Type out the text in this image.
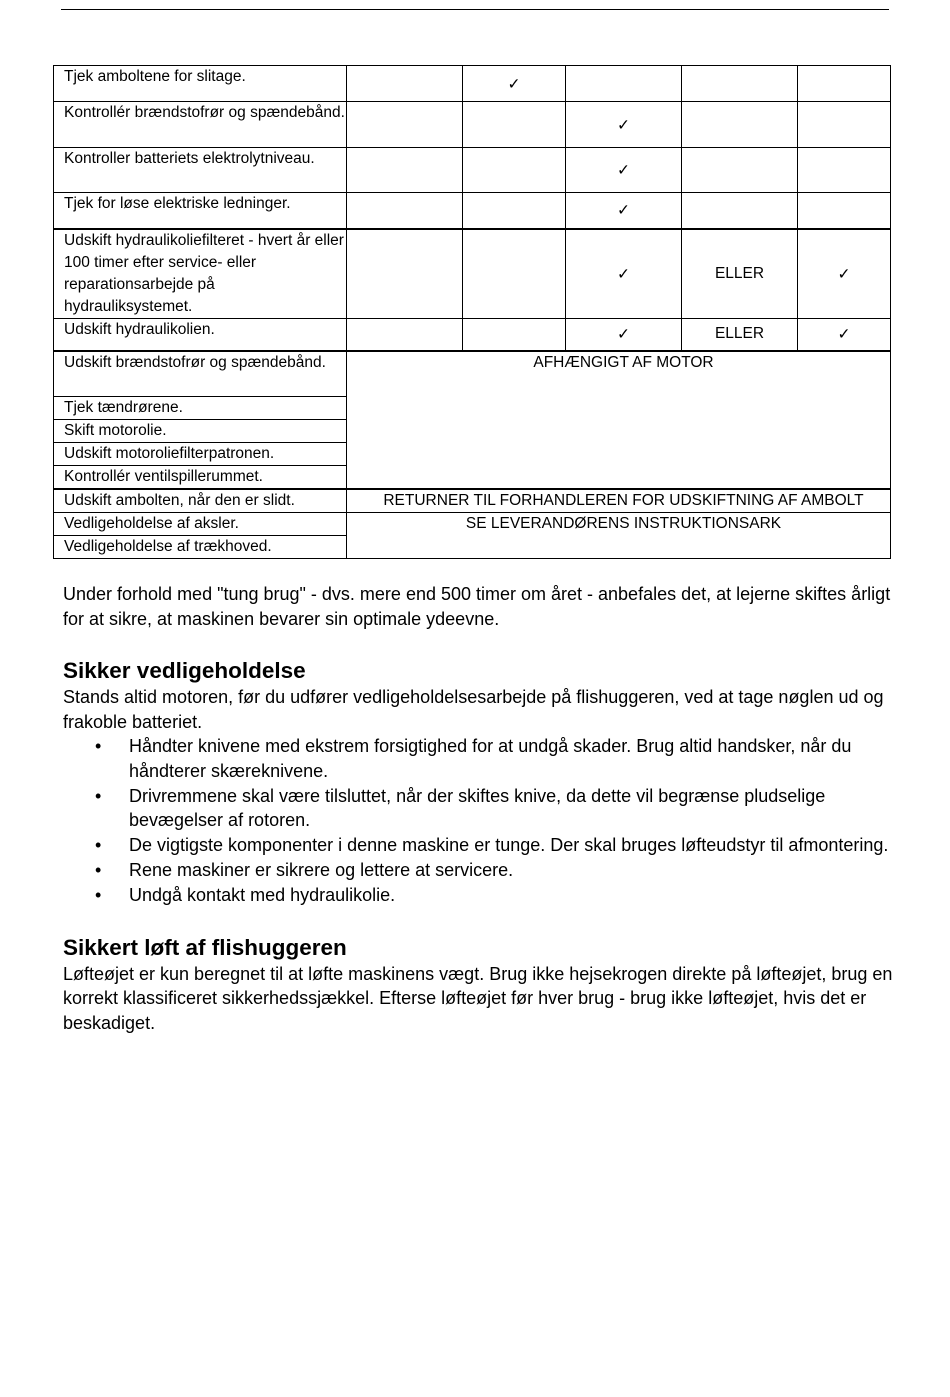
Tjek amboltene for slitage.		✓			
Kontrollér brændstofrør og spændebånd.			✓		
Kontroller batteriets elektrolytniveau.			✓		
Tjek for løse elektriske ledninger.			✓		
Udskift hydraulikoliefilteret - hvert år eller 100 timer efter service- eller reparationsarbejde på hydrauliksystemet.			✓	ELLER	✓
Udskift hydraulikolien.			✓	ELLER	✓
Udskift brændstofrør og spændebånd.	AFHÆNGIGT AF MOTOR				
Tjek tændrørene.					
Skift motorolie.					
Udskift motoroliefilterpatronen.					
Kontrollér ventilspillerummet.					
Udskift ambolten, når den er slidt.	RETURNER TIL FORHANDLEREN FOR UDSKIFTNING AF AMBOLT				
Vedligeholdelse af aksler.	SE LEVERANDØRENS INSTRUKTIONSARK				
Vedligeholdelse af trækhoved.					

Under forhold med "tung brug" - dvs. mere end 500 timer om året - anbefales det, at lejerne skiftes årligt for at sikre, at maskinen bevarer sin optimale ydeevne.

Sikker vedligeholdelse

Stands altid motoren, før du udfører vedligeholdelsesarbejde på flishuggeren, ved at tage nøglen ud og frakoble batteriet.

• Håndter knivene med ekstrem forsigtighed for at undgå skader. Brug altid handsker, når du håndterer skæreknivene.
• Drivremmene skal være tilsluttet, når der skiftes knive, da dette vil begrænse pludselige bevægelser af rotoren.
• De vigtigste komponenter i denne maskine er tunge. Der skal bruges løfteudstyr til afmontering.
• Rene maskiner er sikrere og lettere at servicere.
• Undgå kontakt med hydraulikolie.
Sikkert løft af flishuggeren

Løfteøjet er kun beregnet til at løfte maskinens vægt. Brug ikke hejsekrogen direkte på løfteøjet, brug en korrekt klassificeret sikkerhedssjækkel. Efterse løfteøjet før hver brug - brug ikke løfteøjet, hvis det er beskadiget.
